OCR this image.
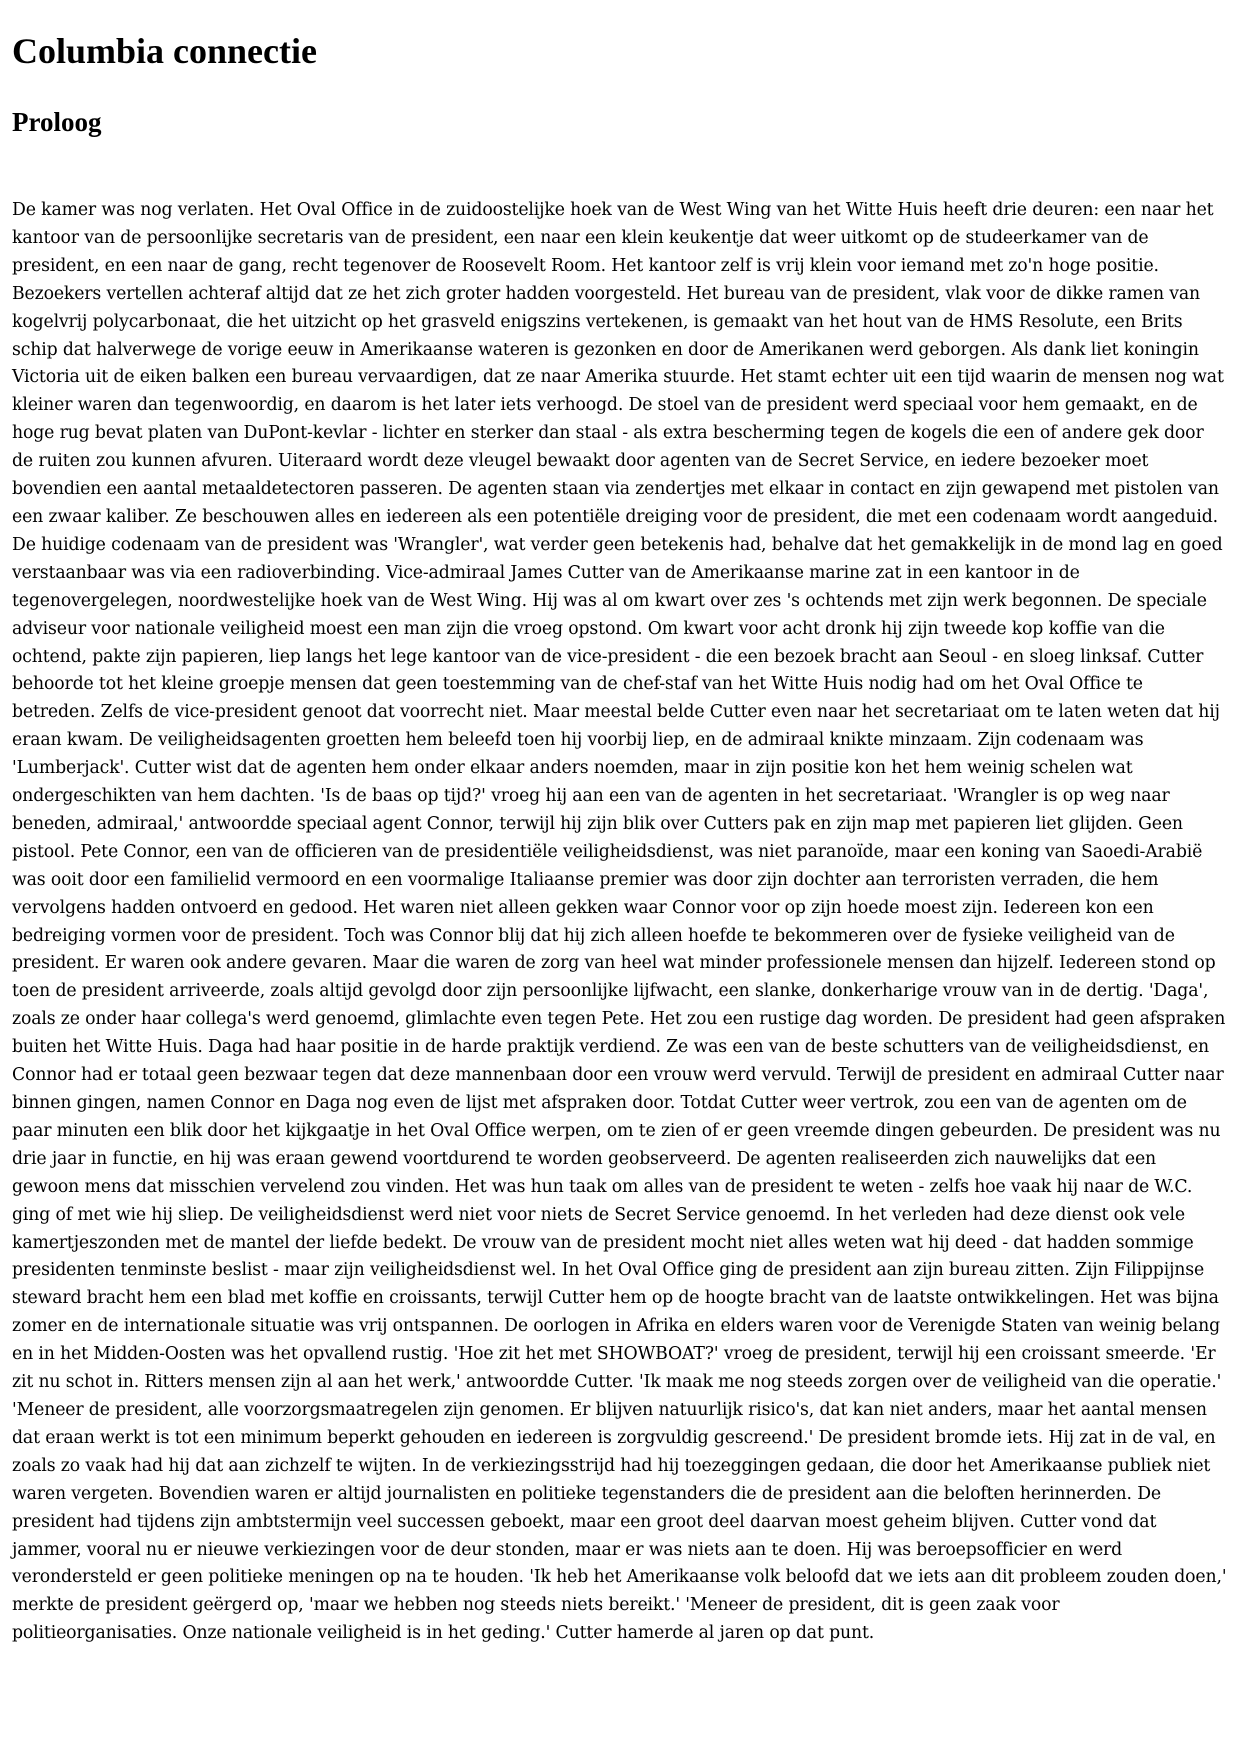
Columbia connectie
Proloog

De kamer was nog verlaten. Het Oval Office in de zuidoostelijke hoek van de West Wing van het Witte Huis heeft drie deuren: een naar het kantoor van de persoonlijke secretaris van de president, een naar een klein keukentje dat weer uitkomt op de studeerkamer van de president, en een naar de gang, recht tegenover de Roosevelt Room. Het kantoor zelf is vrij klein voor iemand met zo'n hoge positie. Bezoekers vertellen achteraf altijd dat ze het zich groter hadden voorgesteld. Het bureau van de president, vlak voor de dikke ramen van kogelvrij polycarbonaat, die het uitzicht op het grasveld enigszins vertekenen, is gemaakt van het hout van de HMS Resolute, een Brits schip dat halverwege de vorige eeuw in Amerikaanse wateren is gezonken en door de Amerikanen werd geborgen. Als dank liet koningin Victoria uit de eiken balken een bureau vervaardigen, dat ze naar Amerika stuurde. Het stamt echter uit een tijd waarin de mensen nog wat kleiner waren dan tegenwoordig, en daarom is het later iets verhoogd. De stoel van de president werd speciaal voor hem gemaakt, en de hoge rug bevat platen van DuPont-kevlar - lichter en sterker dan staal - als extra bescherming tegen de kogels die een of andere gek door de ruiten zou kunnen afvuren. Uiteraard wordt deze vleugel bewaakt door agenten van de Secret Service, en iedere bezoeker moet bovendien een aantal metaaldetectoren passeren. De agenten staan via zendertjes met elkaar in contact en zijn gewapend met pistolen van een zwaar kaliber. Ze beschouwen alles en iedereen als een potentiële dreiging voor de president, die met een codenaam wordt aangeduid. De huidige codenaam van de president was 'Wrangler', wat verder geen betekenis had, behalve dat het gemakkelijk in de mond lag en goed verstaanbaar was via een radioverbinding. Vice-admiraal James Cutter van de Amerikaanse marine zat in een kantoor in de tegenovergelegen, noordwestelijke hoek van de West Wing. Hij was al om kwart over zes 's ochtends met zijn werk begonnen. De speciale adviseur voor nationale veiligheid moest een man zijn die vroeg opstond. Om kwart voor acht dronk hij zijn tweede kop koffie van die ochtend, pakte zijn papieren, liep langs het lege kantoor van de vice-president - die een bezoek bracht aan Seoul - en sloeg linksaf. Cutter behoorde tot het kleine groepje mensen dat geen toestemming van de chef-staf van het Witte Huis nodig had om het Oval Office te betreden. Zelfs de vice-president genoot dat voorrecht niet. Maar meestal belde Cutter even naar het secretariaat om te laten weten dat hij eraan kwam. De veiligheidsagenten groetten hem beleefd toen hij voorbij liep, en de admiraal knikte minzaam. Zijn codenaam was 'Lumberjack'. Cutter wist dat de agenten hem onder elkaar anders noemden, maar in zijn positie kon het hem weinig schelen wat ondergeschikten van hem dachten. 'Is de baas op tijd?' vroeg hij aan een van de agenten in het secretariaat. 'Wrangler is op weg naar beneden, admiraal,' antwoordde speciaal agent Connor, terwijl hij zijn blik over Cutters pak en zijn map met papieren liet glijden. Geen pistool. Pete Connor, een van de officieren van de presidentiële veiligheidsdienst, was niet paranoïde, maar een koning van Saoedi-Arabië was ooit door een familielid vermoord en een voormalige Italiaanse premier was door zijn dochter aan terroristen verraden, die hem vervolgens hadden ontvoerd en gedood. Het waren niet alleen gekken waar Connor voor op zijn hoede moest zijn. Iedereen kon een bedreiging vormen voor de president. Toch was Connor blij dat hij zich alleen hoefde te bekommeren over de fysieke veiligheid van de president. Er waren ook andere gevaren. Maar die waren de zorg van heel wat minder professionele mensen dan hijzelf. Iedereen stond op toen de president arriveerde, zoals altijd gevolgd door zijn persoonlijke lijfwacht, een slanke, donkerharige vrouw van in de dertig. 'Daga', zoals ze onder haar collega's werd genoemd, glimlachte even tegen Pete. Het zou een rustige dag worden. De president had geen afspraken buiten het Witte Huis. Daga had haar positie in de harde praktijk verdiend. Ze was een van de beste schutters van de veiligheidsdienst, en Connor had er totaal geen bezwaar tegen dat deze mannenbaan door een vrouw werd vervuld. Terwijl de president en admiraal Cutter naar binnen gingen, namen Connor en Daga nog even de lijst met afspraken door. Totdat Cutter weer vertrok, zou een van de agenten om de paar minuten een blik door het kijkgaatje in het Oval Office werpen, om te zien of er geen vreemde dingen gebeurden. De president was nu drie jaar in functie, en hij was eraan gewend voortdurend te worden geobserveerd. De agenten realiseerden zich nauwelijks dat een gewoon mens dat misschien vervelend zou vinden. Het was hun taak om alles van de president te weten - zelfs hoe vaak hij naar de W.C. ging of met wie hij sliep. De veiligheidsdienst werd niet voor niets de Secret Service genoemd. In het verleden had deze dienst ook vele kamertjeszonden met de mantel der liefde bedekt. De vrouw van de president mocht niet alles weten wat hij deed - dat hadden sommige presidenten tenminste beslist - maar zijn veiligheidsdienst wel. In het Oval Office ging de president aan zijn bureau zitten. Zijn Filippijnse steward bracht hem een blad met koffie en croissants, terwijl Cutter hem op de hoogte bracht van de laatste ontwikkelingen. Het was bijna zomer en de internationale situatie was vrij ontspannen. De oorlogen in Afrika en elders waren voor de Verenigde Staten van weinig belang en in het Midden-Oosten was het opvallend rustig. 'Hoe zit het met SHOWBOAT?' vroeg de president, terwijl hij een croissant smeerde. 'Er zit nu schot in. Ritters mensen zijn al aan het werk,' antwoordde Cutter. 'Ik maak me nog steeds zorgen over de veiligheid van die operatie.' 'Meneer de president, alle voorzorgsmaatregelen zijn genomen. Er blijven natuurlijk risico's, dat kan niet anders, maar het aantal mensen dat eraan werkt is tot een minimum beperkt gehouden en iedereen is zorgvuldig gescreend.' De president bromde iets. Hij zat in de val, en zoals zo vaak had hij dat aan zichzelf te wijten. In de verkiezingsstrijd had hij toezeggingen gedaan, die door het Amerikaanse publiek niet waren vergeten. Bovendien waren er altijd journalisten en politieke tegenstanders die de president aan die beloften herinnerden. De president had tijdens zijn ambtstermijn veel successen geboekt, maar een groot deel daarvan moest geheim blijven. Cutter vond dat jammer, vooral nu er nieuwe verkiezingen voor de deur stonden, maar er was niets aan te doen. Hij was beroepsofficier en werd verondersteld er geen politieke meningen op na te houden. 'Ik heb het Amerikaanse volk beloofd dat we iets aan dit probleem zouden doen,' merkte de president geërgerd op, 'maar we hebben nog steeds niets bereikt.' 'Meneer de president, dit is geen zaak voor politieorganisaties. Onze nationale veiligheid is in het geding.' Cutter hamerde al jaren op dat punt.
